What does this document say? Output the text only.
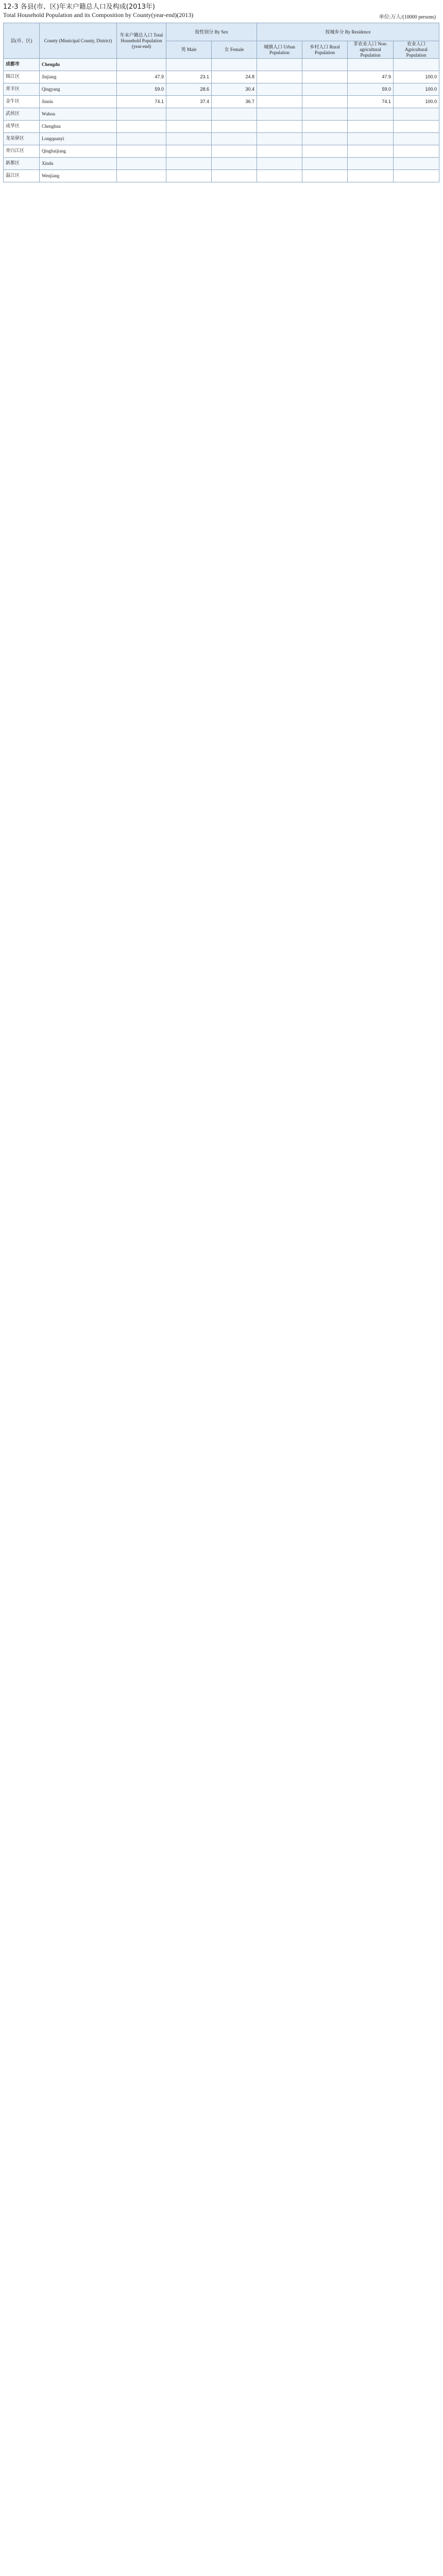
12-3 各县(市、区)年末户籍总人口及构成(2013年)
Total Household Population and its Composition by County(year-end)(2013)	单位:万人/(10000 persons)
县(市、区)	County (Municipal County, District)	年末户籍总人口 Total Household Population (year-end)	按性别分 By Sex		按城乡分 By Residence			
			男 Male	女 Female	城镇人口 Urban Population	乡村人口 Rural Population	非农业人口 Non-agricultural Population	农业人口 Agricultural Population
成都市	Chengdu							
锦江区	Jinjiang	47.9	23.1	24.8			47.9	100.0
青羊区	Qingyang	59.0	28.6	30.4			59.0	100.0
金牛区	Jinniu	74.1	37.4	36.7			74.1	100.0
武侯区	Wuhou							
成华区	Chenghua							
龙泉驿区	Longquanyi							
青白江区	Qingbaijiang							
新都区	Xindu							
温江区	Wenjiang							
